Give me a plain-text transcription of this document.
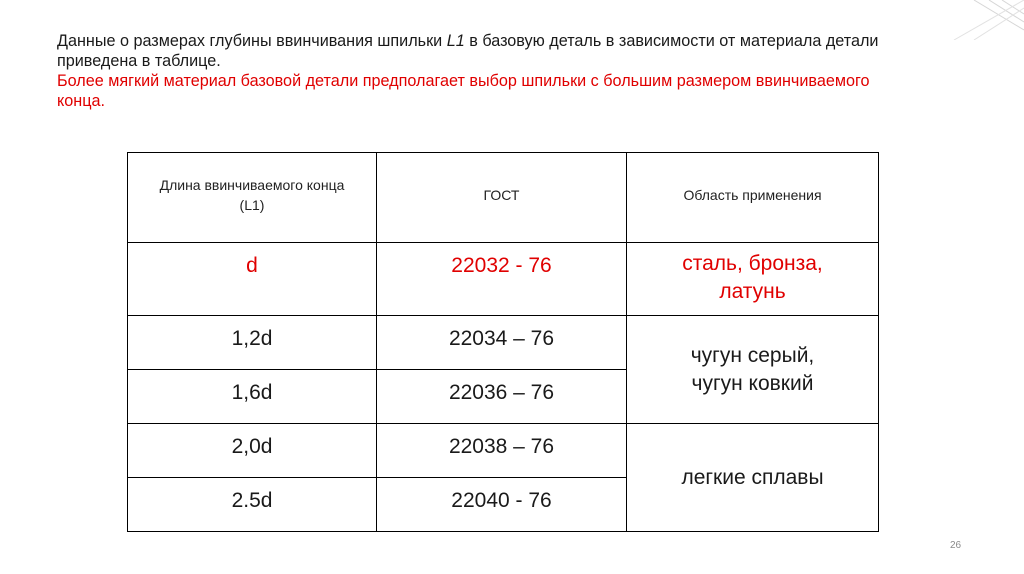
Данные о размерах глубины ввинчивания шпильки L1 в базовую деталь в зависимости от материала детали приведена в таблице.

Более мягкий материал базовой детали предполагает выбор шпильки с большим размером ввинчиваемого конца.

Длина ввинчиваемого конца (L1)	ГОСТ	Область применения

d	22032 - 76	сталь, бронза, латунь

1,2d	22034 – 76	чугун серый, чугун ковкий

1,6d	22036 – 76	
2,0d	22038 – 76	легкие сплавы
2.5d	22040 - 76	
26
